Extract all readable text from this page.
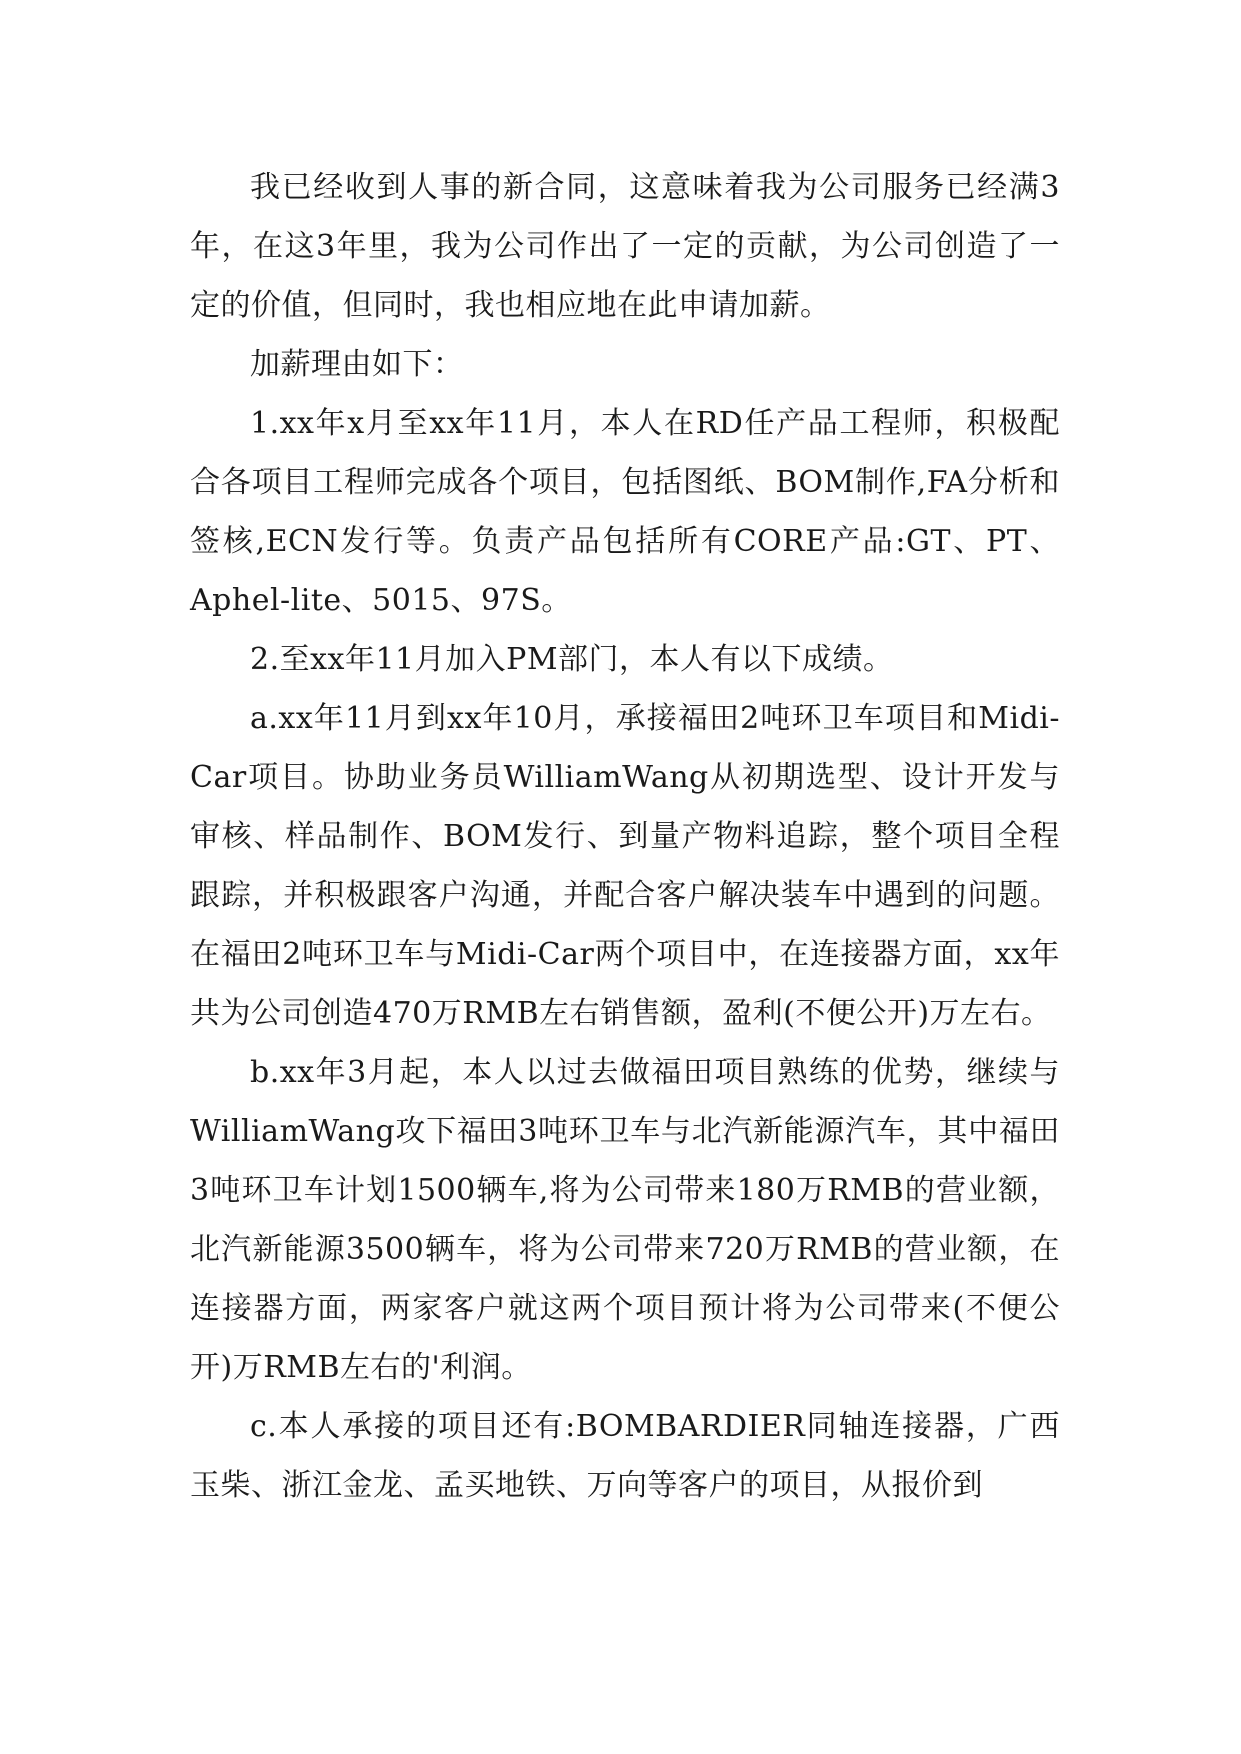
我已经收到人事的新合同，这意味着我为公司服务已经满3年，在这3年里，我为公司作出了一定的贡献，为公司创造了一定的价值，但同时，我也相应地在此申请加薪。

加薪理由如下：

1.xx年x月至xx年11月，本人在RD任产品工程师，积极配合各项目工程师完成各个项目，包括图纸、BOM制作,FA分析和签核,ECN发行等。负责产品包括所有CORE产品:GT、PT、Aphel-lite、5015、97S。

2.至xx年11月加入PM部门，本人有以下成绩。

a.xx年11月到xx年10月，承接福田2吨环卫车项目和Midi-Car项目。协助业务员WilliamWang从初期选型、设计开发与审核、样品制作、BOM发行、到量产物料追踪，整个项目全程跟踪，并积极跟客户沟通，并配合客户解决装车中遇到的问题。在福田2吨环卫车与Midi-Car两个项目中，在连接器方面，xx年共为公司创造470万RMB左右销售额，盈利(不便公开)万左右。

b.xx年3月起，本人以过去做福田项目熟练的优势，继续与WilliamWang攻下福田3吨环卫车与北汽新能源汽车，其中福田3吨环卫车计划1500辆车,将为公司带来180万RMB的营业额，北汽新能源3500辆车，将为公司带来720万RMB的营业额，在连接器方面，两家客户就这两个项目预计将为公司带来(不便公开)万RMB左右的'利润。

c.本人承接的项目还有:BOMBARDIER同轴连接器，广西玉柴、浙江金龙、孟买地铁、万向等客户的项目，从报价到
